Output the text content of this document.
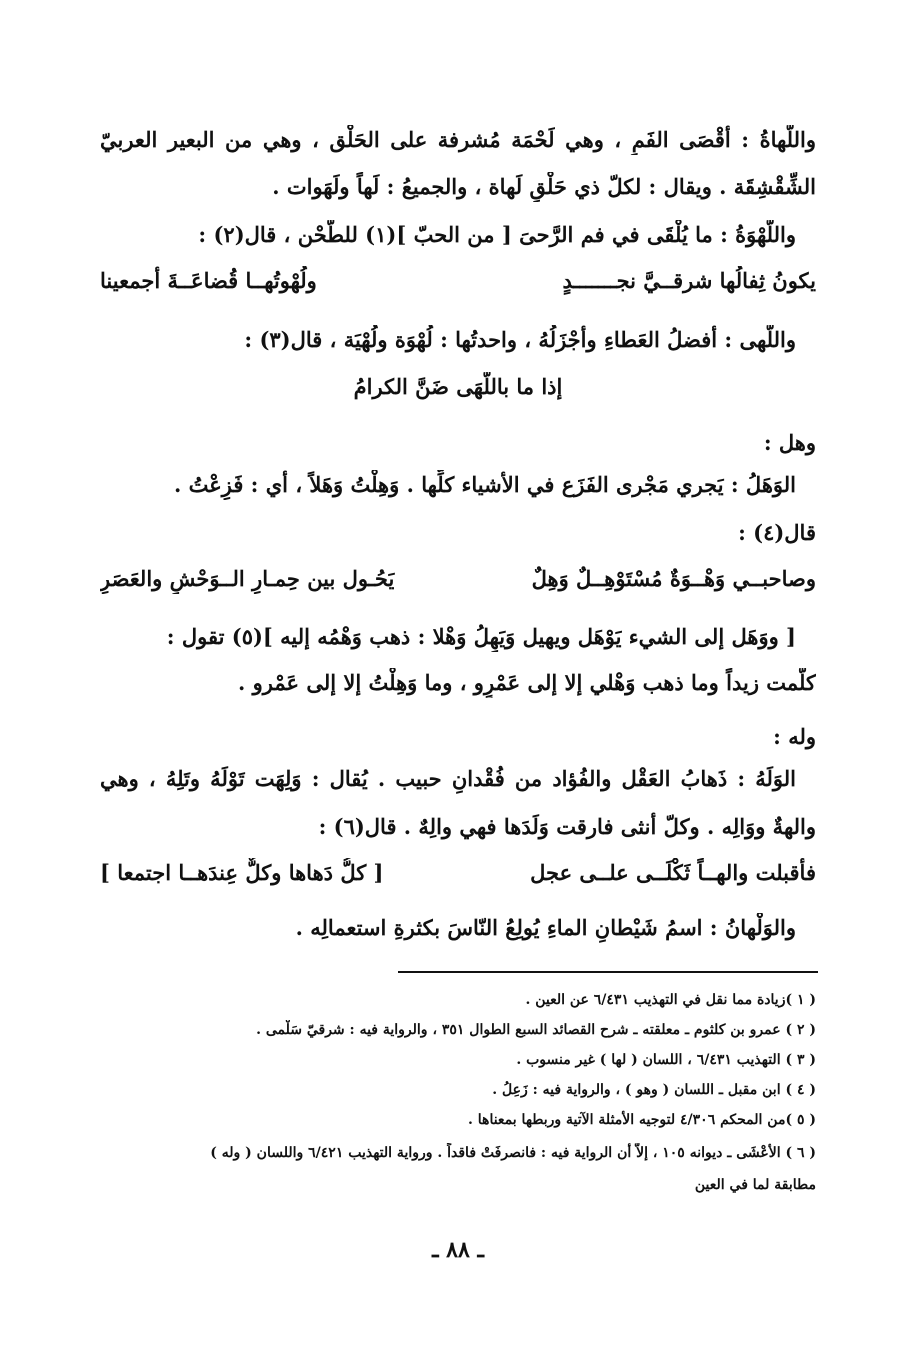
واللَّهاةُ : أقْصَى الفَمِ ، وهي لَحْمَة مُشرفة على الحَلْق ، وهي من البعير العربيّ
الشِّقْشِقَة . ويقال : لكلّ ذي حَلْقٍ لَهاة ، والجميعُ : لَهاً ولَهَوات .
واللُّهْوَةُ : ما يُلْقَى في فم الرَّحىَ [ من الحبّ ](١) للطَّحْن ، قال(٢) :
يكونُ ثِفالُها شرقــيَّ نجـــــــدٍ
ولُهْوتُهــا قُضاعَــةَ أجمعينا
واللُّهى : أفضلُ العَطاءِ وأجْزَلُهُ ، واحدتُها : لُهْوَة ولُهْيَة ، قال(٣) :
إذا ما باللُّهَى ضَنَّ الكرامُ
وهل :
الوَهَلُ : يَجري مَجْرى الفَزَع في الأشياء كلِّها . وَهِلْتُ وَهَلاً ، أي : فَزِعْتُ .
قال(٤) :
وصاحبــي وَهْــوَةٌ مُسْتَوْهِــلٌ وَهِلٌ
يَحُـول بين حِمـارِ الــوَحْشِ والعَصَرِ
[ ووَهَل إلى الشيء يَوْهَل ويهيل وَيَهِلُ وَهْلا : ذهب وَهْمُه إليه ](٥) تقول :
كلّمت زيداً وما ذهب وَهْلي إلا إلى عَمْرٍو ، وما وَهِلْتُ إلا إلى عَمْرو .
وله :
الوَلَهُ : ذَهابُ العَقْل والفُؤاد من فُقْدانِ حبيب . يُقال : وَلِهَت تَوْلَهُ وتَلِهُ ، وهي
والهةٌ ووَالِه . وكلّ أنثى فارقت وَلَدَها فهي والِهٌ . قال(٦) :
فأقبلت والهــاً ثَكْلَــى علــى عجل
[ كلُّ دَهاها وكلٌّ عِندَهــا اجتمعا ]
والوَلْهانُ : اسمُ شَيْطانِ الماءِ يُولِعُ النّاسَ بكثرةِ استعمالِه .
( ١ )زيادة مما نقل في التهذيب ٦/٤٣١ عن العين .
( ٢ ) عمرو بن كلثوم ـ معلقته ـ شرح القصائد السبع الطوال ٣٥١ ، والرواية فيه : شرقيّ سَلْمى .
( ٣ ) التهذيب ٦/٤٣١ ، اللسان ( لها ) غير منسوب .
( ٤ ) ابن مقبل ـ اللسان ( وهو ) ، والرواية فيه : زَعِلُ .
( ٥ )من المحكم ٤/٣٠٦ لتوجيه الأمثلة الآتية وربطها بمعناها .
( ٦ ) الأعْشَى ـ ديوانه ١٠٥ ، إلاّ أن الرواية فيه : فانصرفَتْ فاقداً . ورواية التهذيب ٦/٤٢١ واللسان ( وله )
مطابقة لما في العين
ـ ٨٨ ـ
